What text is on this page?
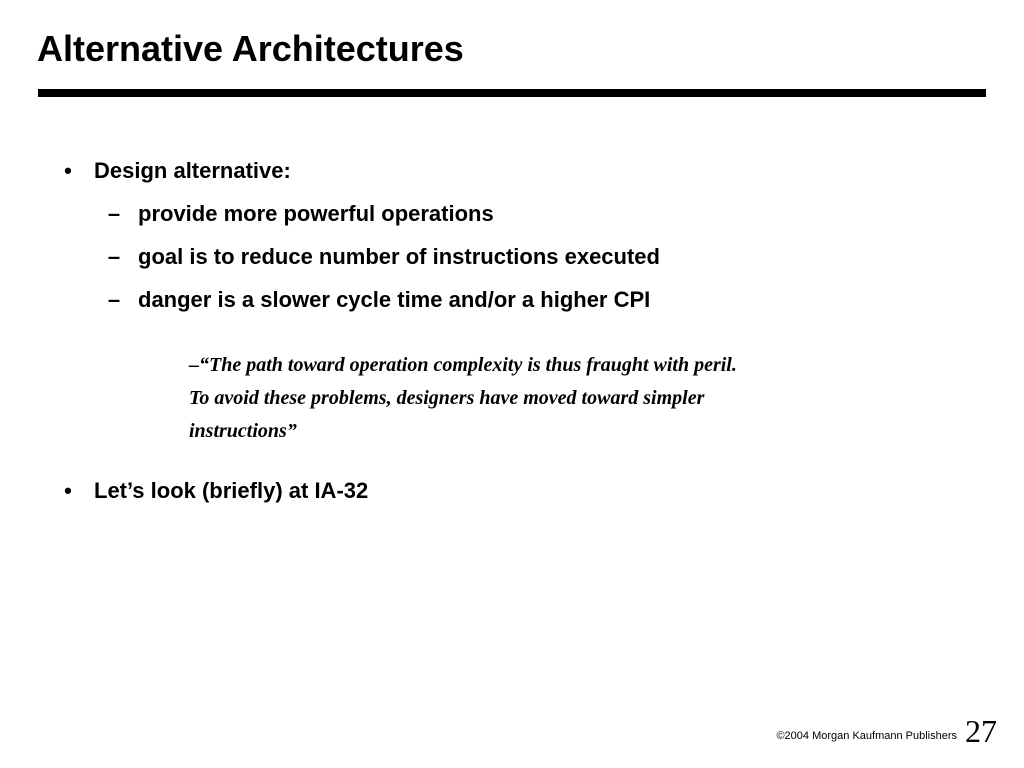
Alternative Architectures
• Design alternative:
– provide more powerful operations
– goal is to reduce number of instructions executed
– danger is a slower cycle time and/or a higher CPI
–“The path toward operation complexity is thus fraught with peril.
To avoid these problems, designers have moved toward simpler
instructions”
• Let’s look (briefly) at IA-32
©2004 Morgan Kaufmann Publishers 27
